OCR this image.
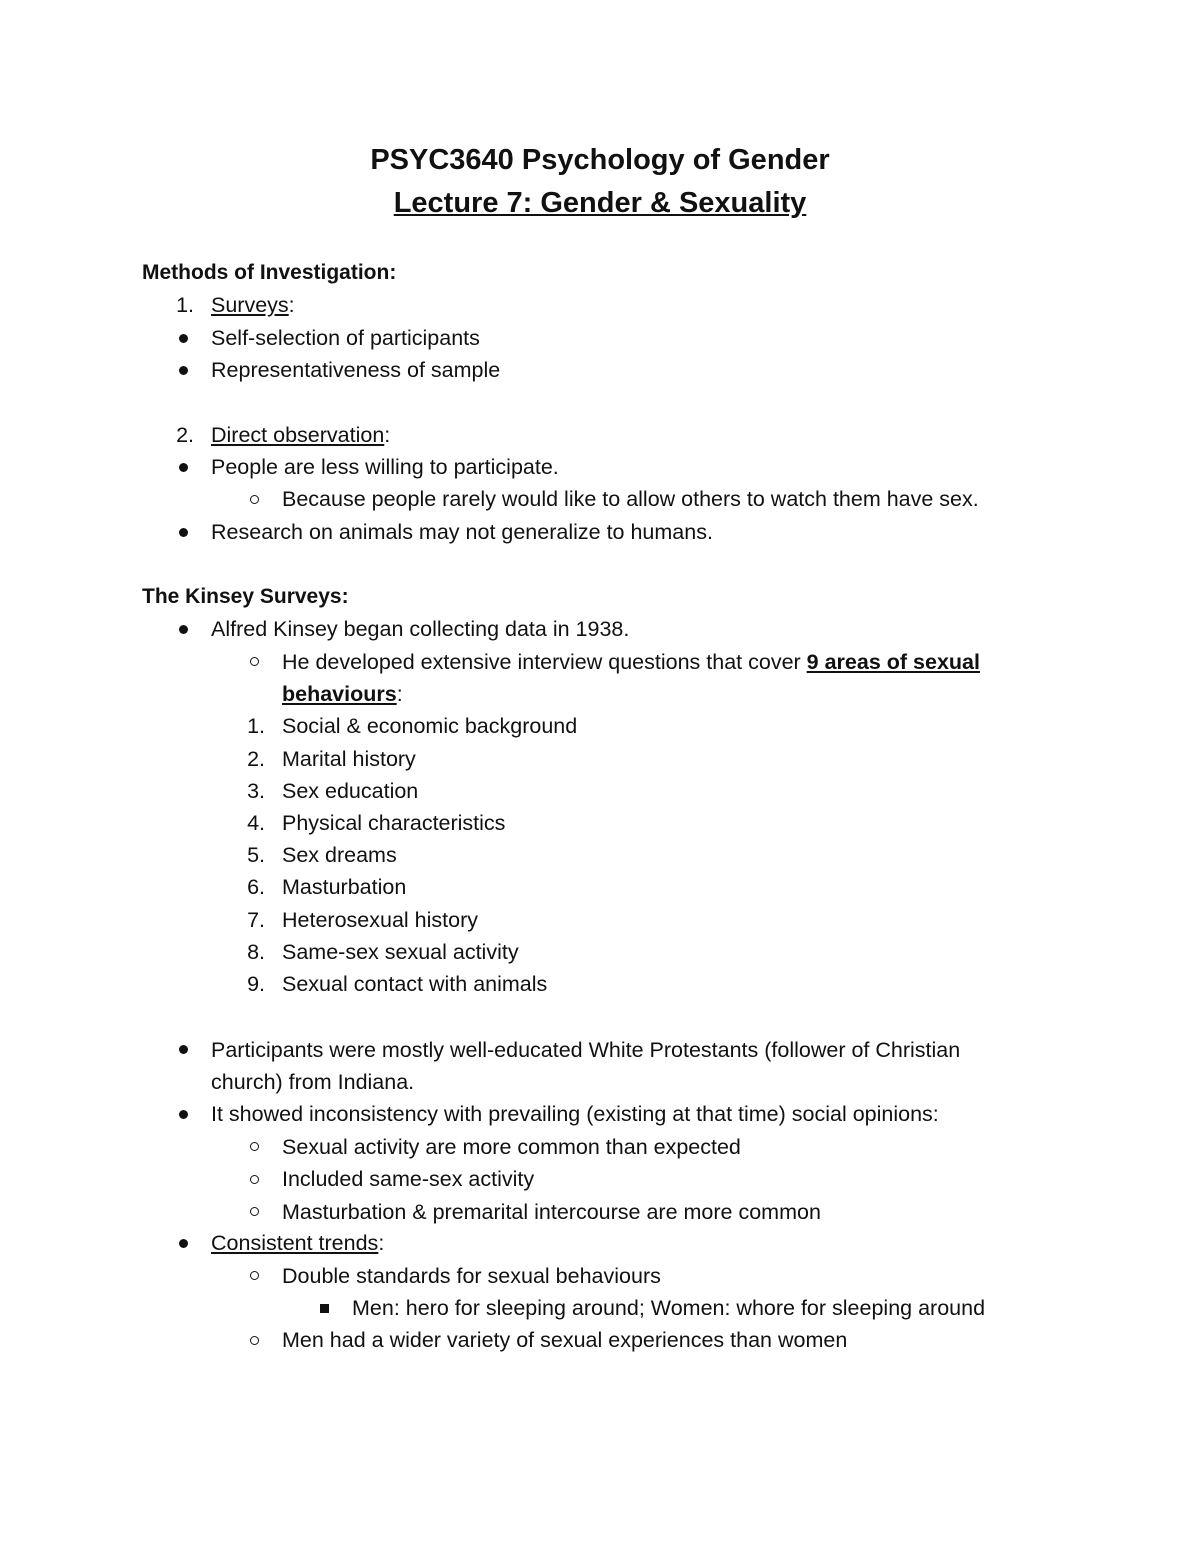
PSYC3640 Psychology of Gender
Lecture 7: Gender & Sexuality
Methods of Investigation:
1. Surveys:
Self-selection of participants
Representativeness of sample
2. Direct observation:
People are less willing to participate.
Because people rarely would like to allow others to watch them have sex.
Research on animals may not generalize to humans.
The Kinsey Surveys:
Alfred Kinsey began collecting data in 1938.
He developed extensive interview questions that cover 9 areas of sexual
behaviours:
1. Social & economic background
2. Marital history
3. Sex education
4. Physical characteristics
5. Sex dreams
6. Masturbation
7. Heterosexual history
8. Same-sex sexual activity
9. Sexual contact with animals
Participants were mostly well-educated White Protestants (follower of Christian
church) from Indiana.
It showed inconsistency with prevailing (existing at that time) social opinions:
Sexual activity are more common than expected
Included same-sex activity
Masturbation & premarital intercourse are more common
Consistent trends:
Double standards for sexual behaviours
Men: hero for sleeping around; Women: whore for sleeping around
Men had a wider variety of sexual experiences than women
